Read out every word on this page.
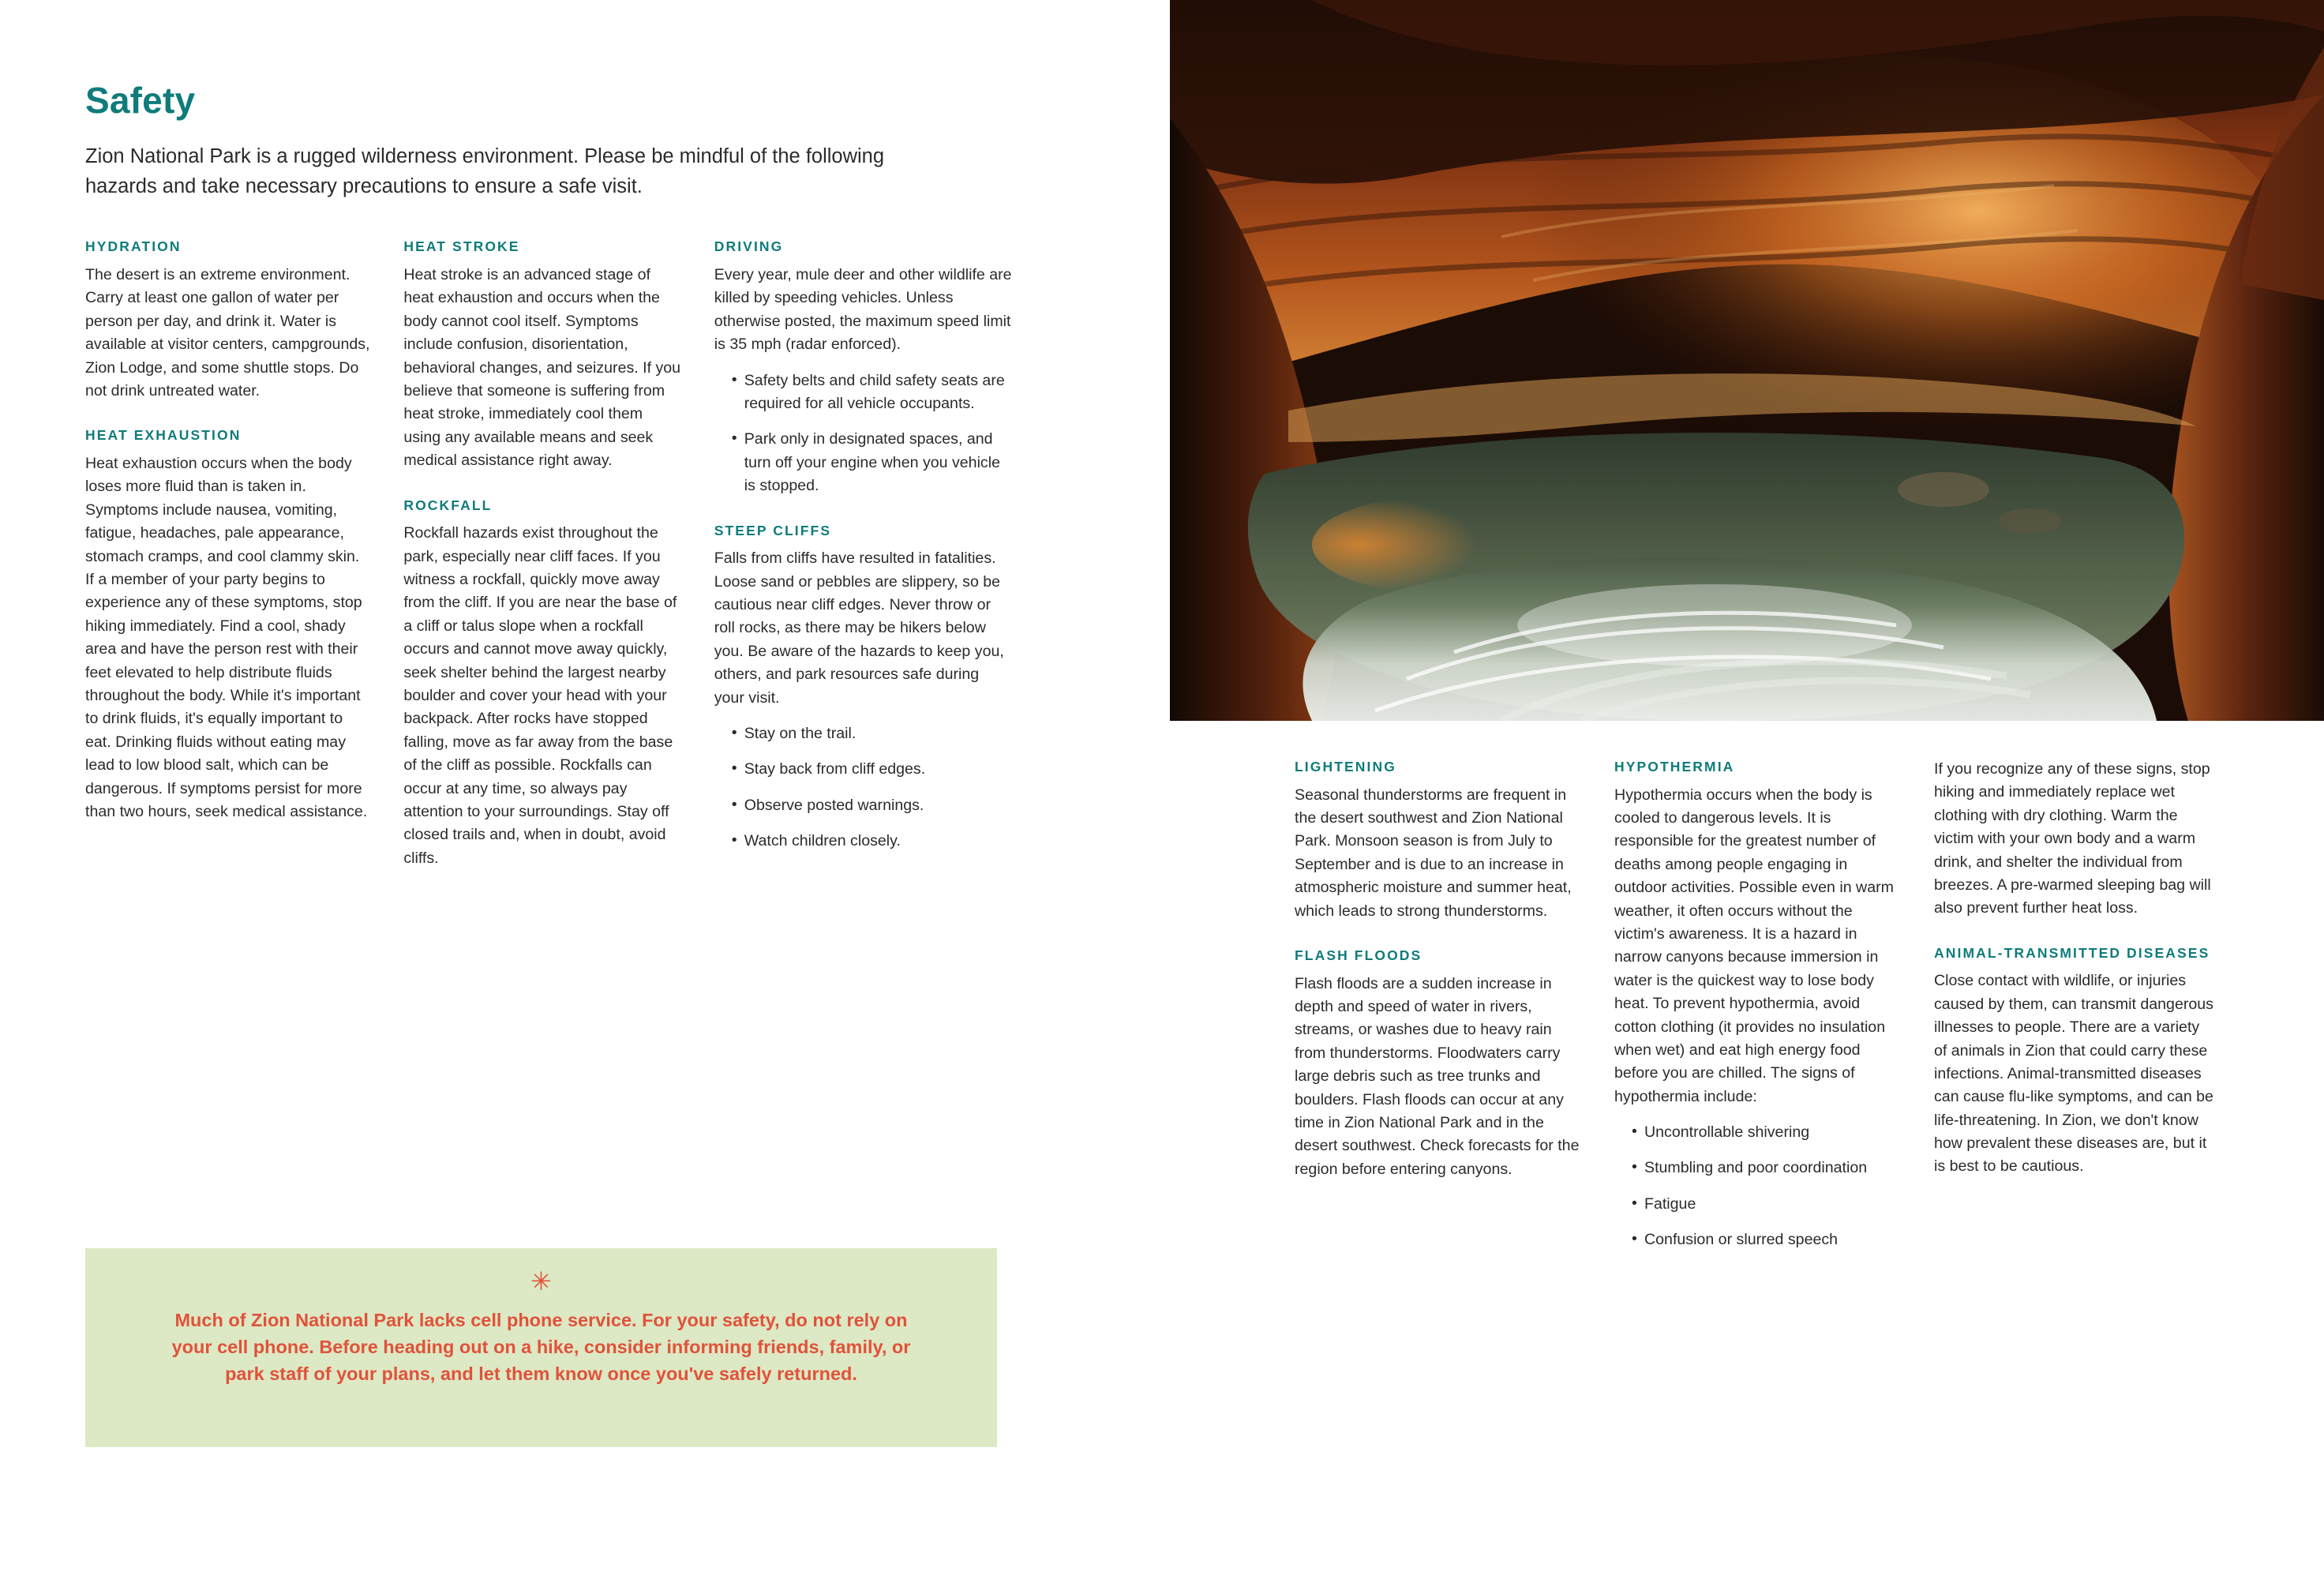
Safety

Zion National Park is a rugged wilderness environment. Please be mindful of the following hazards and take necessary precautions to ensure a safe visit.

HYDRATION

The desert is an extreme environment. Carry at least one gallon of water per person per day, and drink it. Water is available at visitor centers, campgrounds, Zion Lodge, and some shuttle stops. Do not drink untreated water.

HEAT EXHAUSTION

Heat exhaustion occurs when the body loses more fluid than is taken in. Symptoms include nausea, vomiting, fatigue, headaches, pale appearance, stomach cramps, and cool clammy skin. If a member of your party begins to experience any of these symptoms, stop hiking immediately. Find a cool, shady area and have the person rest with their feet elevated to help distribute fluids throughout the body. While it's important to drink fluids, it's equally important to eat. Drinking fluids without eating may lead to low blood salt, which can be dangerous. If symptoms persist for more than two hours, seek medical assistance.

HEAT STROKE

Heat stroke is an advanced stage of heat exhaustion and occurs when the body cannot cool itself. Symptoms include confusion, disorientation, behavioral changes, and seizures. If you believe that someone is suffering from heat stroke, immediately cool them using any available means and seek medical assistance right away.

ROCKFALL

Rockfall hazards exist throughout the park, especially near cliff faces. If you witness a rockfall, quickly move away from the cliff. If you are near the base of a cliff or talus slope when a rockfall occurs and cannot move away quickly, seek shelter behind the largest nearby boulder and cover your head with your backpack. After rocks have stopped falling, move as far away from the base of the cliff as possible. Rockfalls can occur at any time, so always pay attention to your surroundings. Stay off closed trails and, when in doubt, avoid cliffs.

DRIVING

Every year, mule deer and other wildlife are killed by speeding vehicles. Unless otherwise posted, the maximum speed limit is 35 mph (radar enforced).

• Safety belts and child safety seats are required for all vehicle occupants.
• Park only in designated spaces, and turn off your engine when you vehicle is stopped.
STEEP CLIFFS

Falls from cliffs have resulted in fatalities. Loose sand or pebbles are slippery, so be cautious near cliff edges. Never throw or roll rocks, as there may be hikers below you. Be aware of the hazards to keep you, others, and park resources safe during your visit.

• Stay on the trail.
• Stay back from cliff edges.
• Observe posted warnings.
• Watch children closely.
✳

Much of Zion National Park lacks cell phone service. For your safety, do not rely on your cell phone. Before heading out on a hike, consider informing friends, family, or park staff of your plans, and let them know once you've safely returned.

LIGHTENING

Seasonal thunderstorms are frequent in the desert southwest and Zion National Park. Monsoon season is from July to September and is due to an increase in atmospheric moisture and summer heat, which leads to strong thunderstorms.

FLASH FLOODS

Flash floods are a sudden increase in depth and speed of water in rivers, streams, or washes due to heavy rain from thunderstorms. Floodwaters carry large debris such as tree trunks and boulders. Flash floods can occur at any time in Zion National Park and in the desert southwest. Check forecasts for the region before entering canyons.

HYPOTHERMIA

Hypothermia occurs when the body is cooled to dangerous levels. It is responsible for the greatest number of deaths among people engaging in outdoor activities. Possible even in warm weather, it often occurs without the victim's awareness. It is a hazard in narrow canyons because immersion in water is the quickest way to lose body heat. To prevent hypothermia, avoid cotton clothing (it provides no insulation when wet) and eat high energy food before you are chilled. The signs of hypothermia include:

• Uncontrollable shivering
• Stumbling and poor coordination
• Fatigue
• Confusion or slurred speech

If you recognize any of these signs, stop hiking and immediately replace wet clothing with dry clothing. Warm the victim with your own body and a warm drink, and shelter the individual from breezes. A pre-warmed sleeping bag will also prevent further heat loss.

ANIMAL-TRANSMITTED DISEASES

Close contact with wildlife, or injuries caused by them, can transmit dangerous illnesses to people. There are a variety of animals in Zion that could carry these infections. Animal-transmitted diseases can cause flu-like symptoms, and can be life-threatening. In Zion, we don't know how prevalent these diseases are, but it is best to be cautious.
